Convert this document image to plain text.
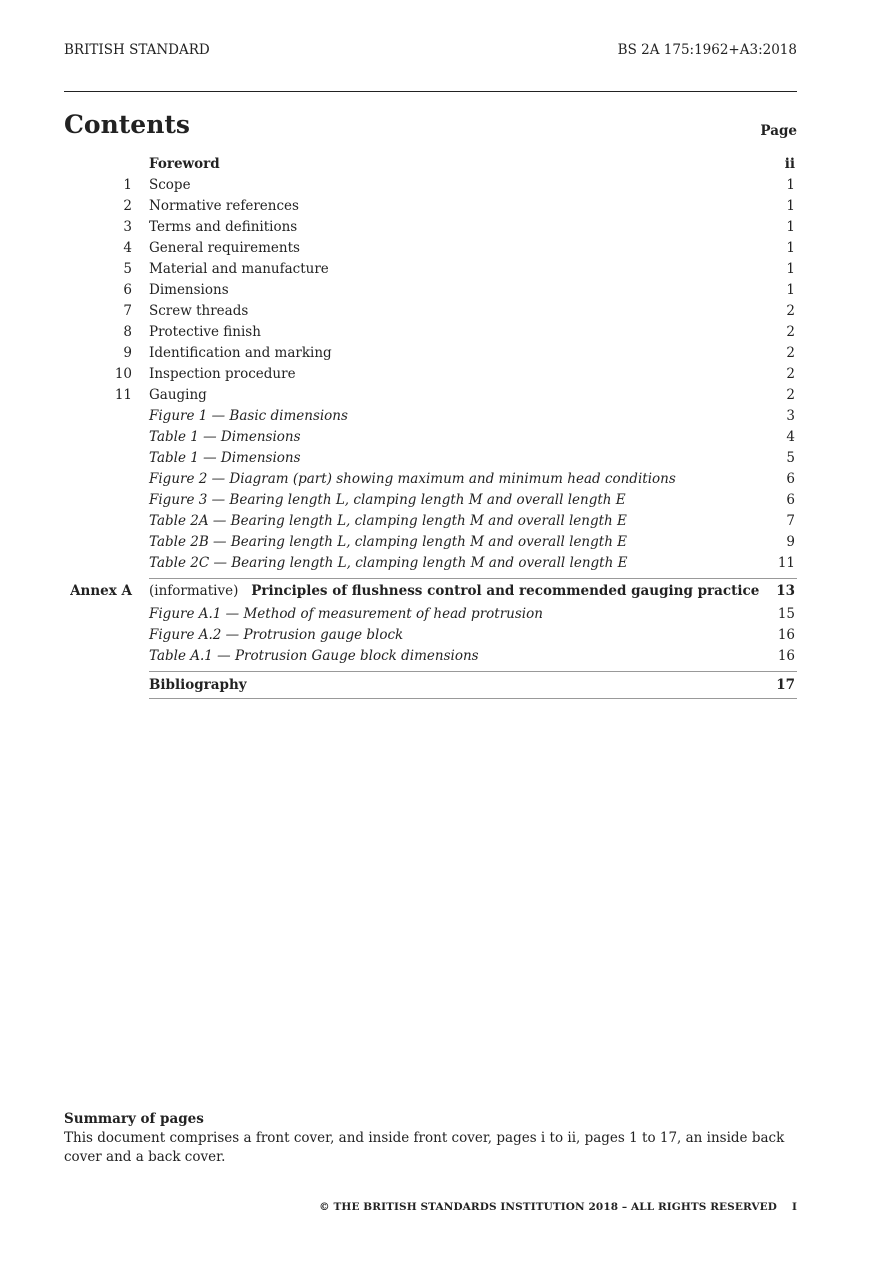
BRITISH STANDARD	BS 2A 175:1962+A3:2018
Contents	Page
Foreword	ii
1 Scope	1
2 Normative references	1
3 Terms and definitions	1
4 General requirements	1
5 Material and manufacture	1
6 Dimensions	1
7 Screw threads	2
8 Protective finish	2
9 Identification and marking	2
10 Inspection procedure	2
11 Gauging	2
Figure 1 — Basic dimensions	3
Table 1 — Dimensions	4
Table 1 — Dimensions	5
Figure 2 — Diagram (part) showing maximum and minimum head conditions	6
Figure 3 — Bearing length L, clamping length M and overall length E	6
Table 2A — Bearing length L, clamping length M and overall length E	7
Table 2B — Bearing length L, clamping length M and overall length E	9
Table 2C — Bearing length L, clamping length M and overall length E	11
Annex A (informative) Principles of flushness control and recommended gauging practice 13
Figure A.1 — Method of measurement of head protrusion	15
Figure A.2 — Protrusion gauge block	16
Table A.1 — Protrusion Gauge block dimensions	16
Bibliography	17
Summary of pages
This document comprises a front cover, and inside front cover, pages i to ii, pages 1 to 17, an inside back cover and a back cover.
© THE BRITISH STANDARDS INSTITUTION 2018 – ALL RIGHTS RESERVED I
